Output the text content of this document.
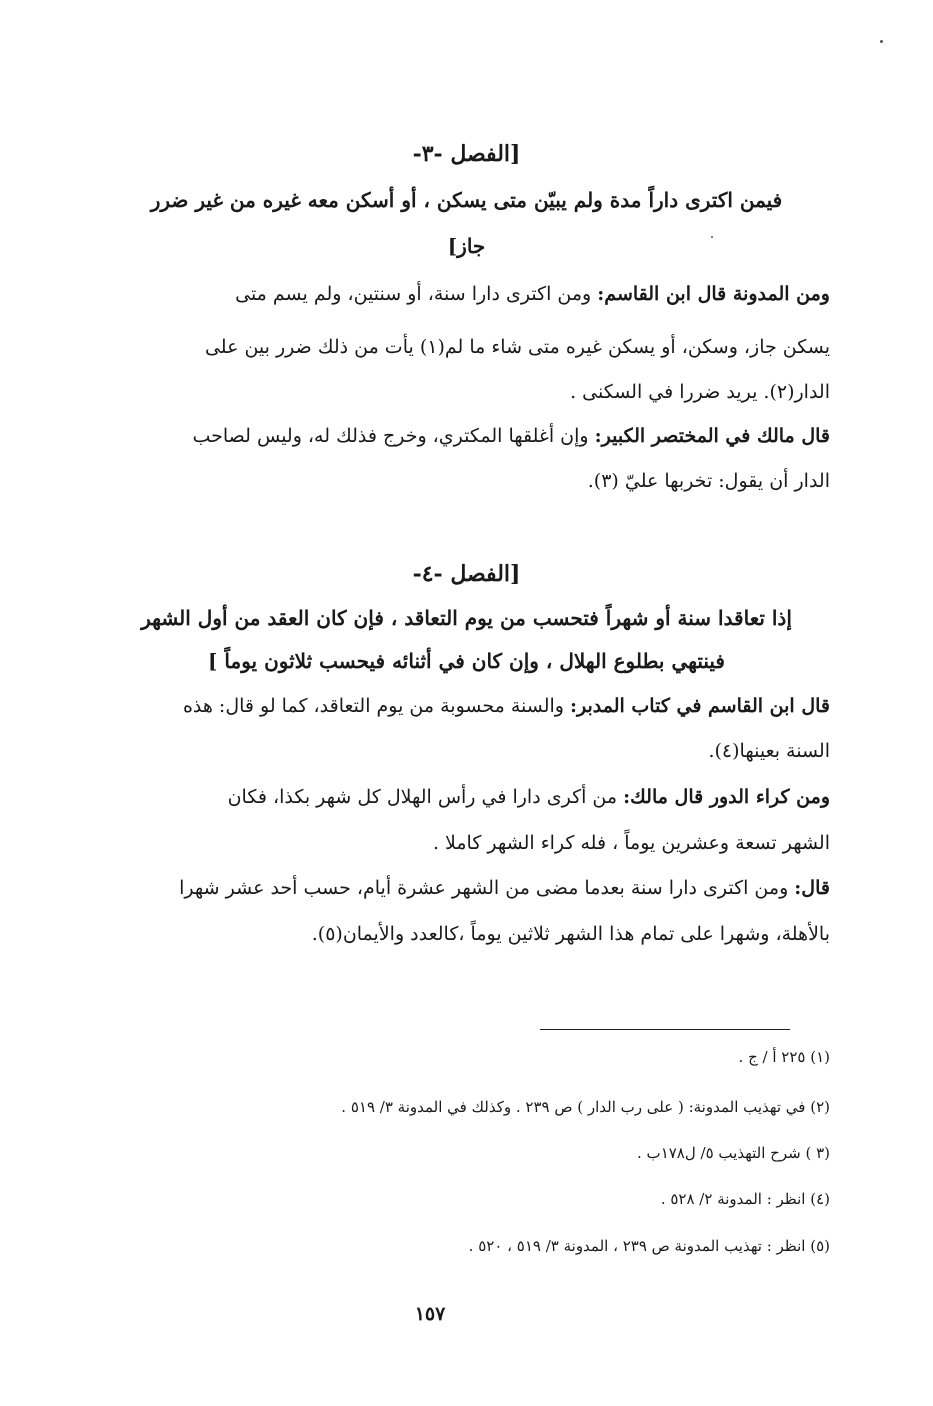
[الفصل -٣-
فيمن اكترى داراً مدة ولم يبيّن متى يسكن ، أو أسكن معه غيره من غير ضرر
جاز]
ومن المدونة قال ابن القاسم: ومن اكترى دارا سنة، أو سنتين، ولم يسم متى
يسكن جاز، وسكن، أو يسكن غيره متى شاء ما لم(١) يأت من ذلك ضرر بين على
الدار(٢). يريد ضررا في السكنى .
قال مالك في المختصر الكبير: وإن أغلقها المكتري، وخرج فذلك له، وليس لصاحب
الدار أن يقول: تخربها عليّ (٣).
[الفصل -٤-
إذا تعاقدا سنة أو شهراً فتحسب من يوم التعاقد ، فإن كان العقد من أول الشهر
فينتهي بطلوع الهلال ، وإن كان في أثنائه فيحسب ثلاثون يوماً ]
قال ابن القاسم في كتاب المدبر: والسنة محسوبة من يوم التعاقد، كما لو قال: هذه
السنة بعينها(٤).
ومن كراء الدور قال مالك: من أكرى دارا في رأس الهلال كل شهر بكذا، فكان
الشهر تسعة وعشرين يوماً ، فله كراء الشهر كاملا .
قال: ومن اكترى دارا سنة بعدما مضى من الشهر عشرة أيام، حسب أحد عشر شهرا
بالأهلة، وشهرا على تمام هذا الشهر ثلاثين يوماً ،كالعدد والأيمان(٥).
(١) ٢٢٥ أ / ج .
(٢) في تهذيب المدونة: ( على رب الدار ) ص ٢٣٩ . وكذلك في المدونة ٣/ ٥١٩ .
(٣ ) شرح التهذيب ٥/ ل١٧٨ب .
(٤) انظر : المدونة ٢/ ٥٢٨ .
(٥) انظر : تهذيب المدونة ص ٢٣٩ ، المدونة ٣/ ٥١٩ ، ٥٢٠ .
١٥٧
